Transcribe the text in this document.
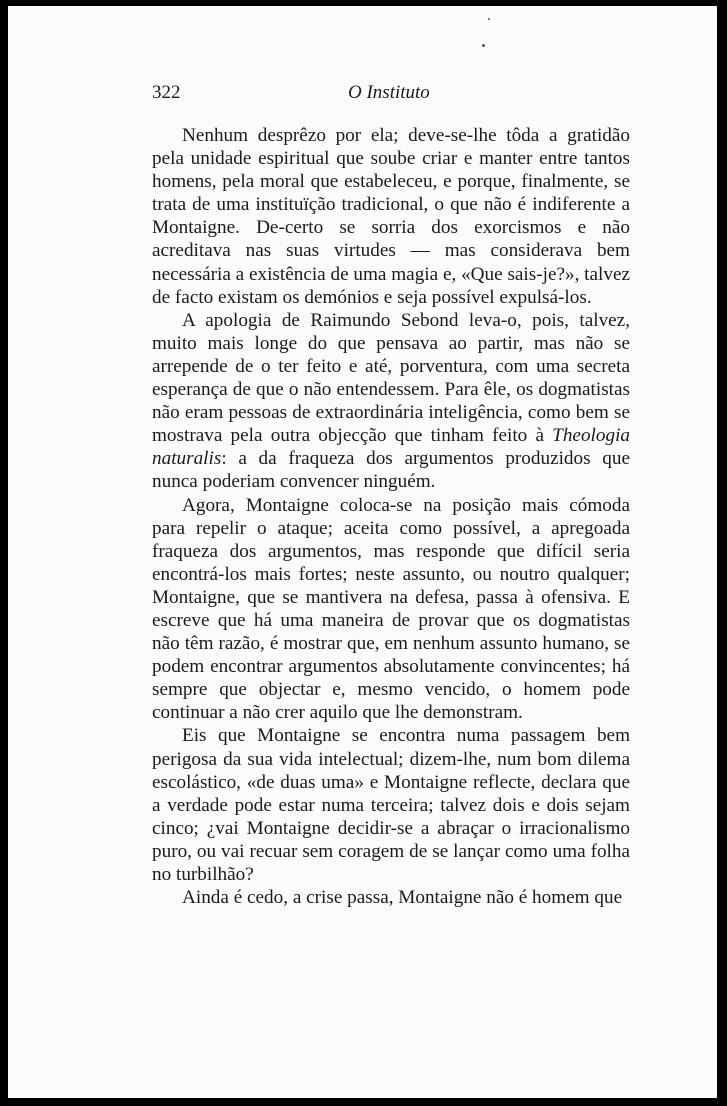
322	O Instituto

Nenhum desprêzo por ela; deve-se-lhe tôda a gratidão pela unidade espiritual que soube criar e manter entre tantos homens, pela moral que estabeleceu, e porque, finalmente, se trata de uma instituïção tradicional, o que não é indiferente a Montaigne. De-certo se sorria dos exorcismos e não acreditava nas suas virtudes — mas considerava bem necessária a existência de uma magia e, «Que sais-je?», talvez de facto existam os demónios e seja possível expulsá-los.

A apologia de Raimundo Sebond leva-o, pois, talvez, muito mais longe do que pensava ao partir, mas não se arrepende de o ter feito e até, porventura, com uma secreta esperança de que o não entendessem. Para êle, os dogmatistas não eram pessoas de extraordinária inteligência, como bem se mostrava pela outra objecção que tinham feito à Theologia naturalis: a da fraqueza dos argumentos produzidos que nunca poderiam convencer ninguém.

Agora, Montaigne coloca-se na posição mais cómoda para repelir o ataque; aceita como possível, a apregoada fraqueza dos argumentos, mas responde que difícil seria encontrá-los mais fortes; neste assunto, ou noutro qualquer; Montaigne, que se mantivera na defesa, passa à ofensiva. E escreve que há uma maneira de provar que os dogmatistas não têm razão, é mostrar que, em nenhum assunto humano, se podem encontrar argumentos absolutamente convincentes; há sempre que objectar e, mesmo vencido, o homem pode continuar a não crer aquilo que lhe demonstram.

Eis que Montaigne se encontra numa passagem bem perigosa da sua vida intelectual; dizem-lhe, num bom dilema escolástico, «de duas uma» e Montaigne reflecte, declara que a verdade pode estar numa terceira; talvez dois e dois sejam cinco; ¿vai Montaigne decidir-se a abraçar o irracionalismo puro, ou vai recuar sem coragem de se lançar como uma folha no turbilhão?

Ainda é cedo, a crise passa, Montaigne não é homem que
